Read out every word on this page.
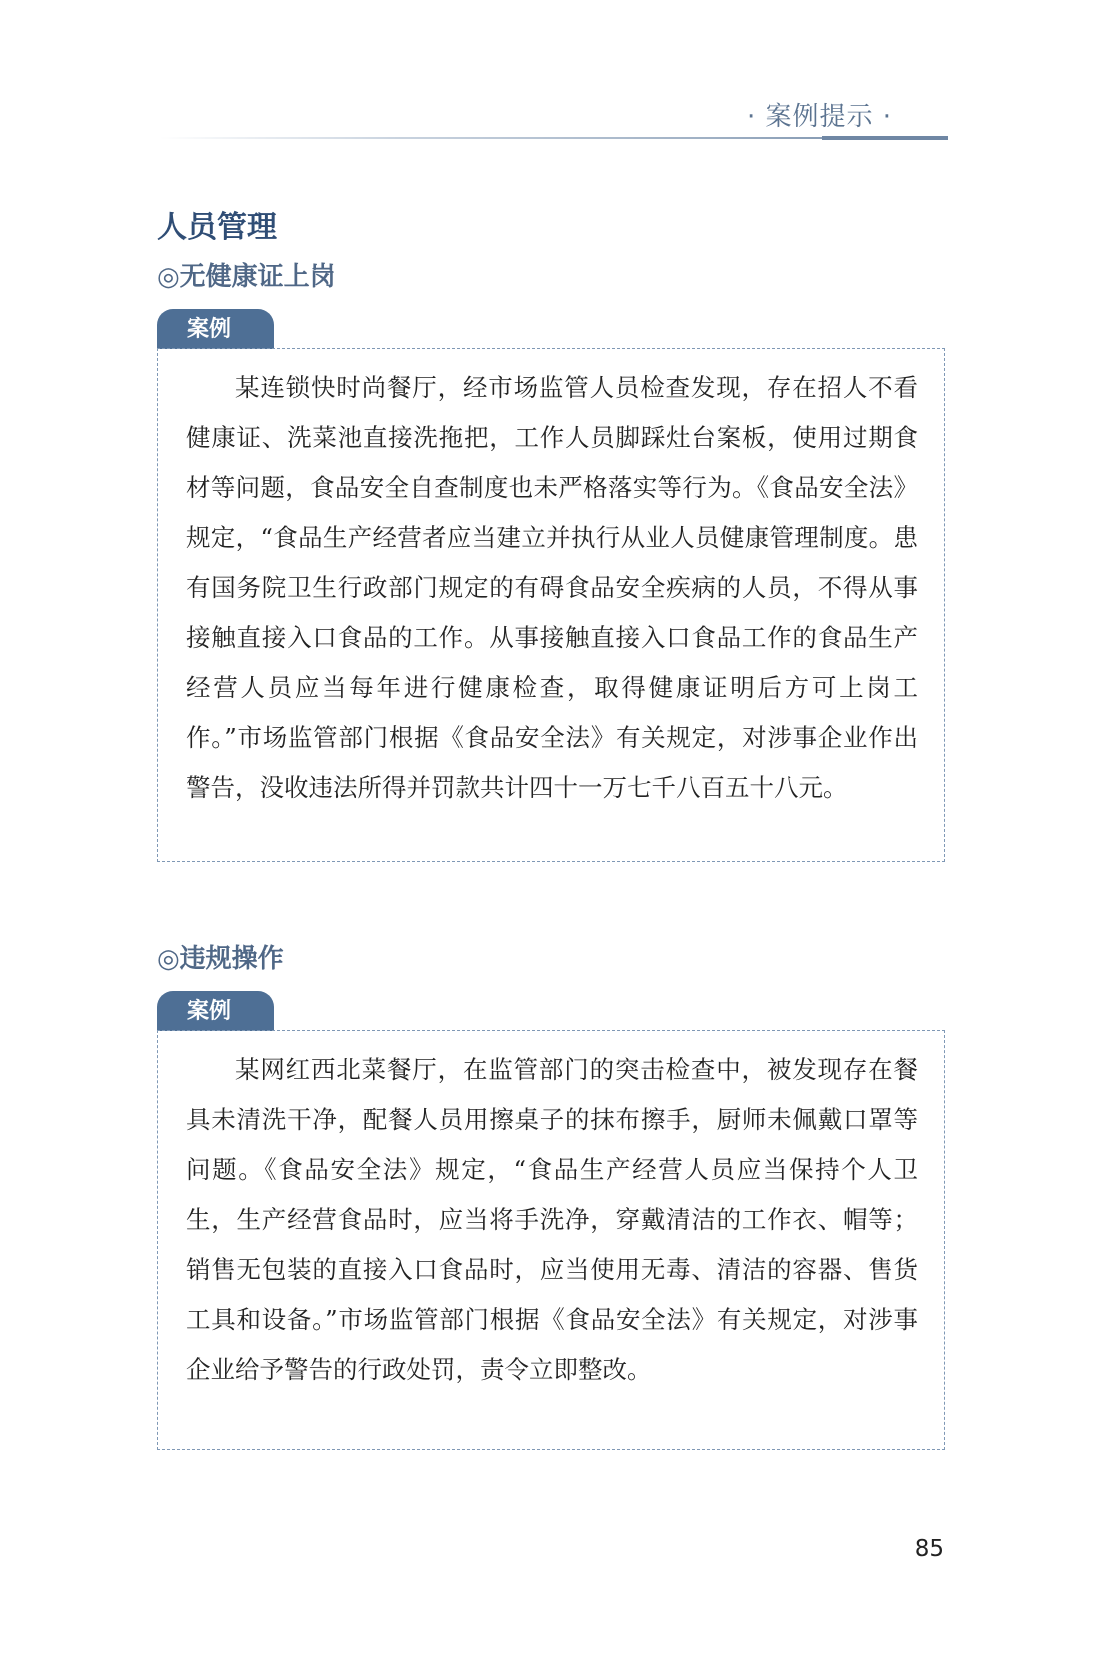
· 案例提示 ·
人员管理
◎无健康证上岗
案例

某连锁快时尚餐厅，经市场监管人员检查发现，存在招人不看健康证、洗菜池直接洗拖把，工作人员脚踩灶台案板，使用过期食材等问题，食品安全自查制度也未严格落实等行为。《食品安全法》规定，“食品生产经营者应当建立并执行从业人员健康管理制度。患有国务院卫生行政部门规定的有碍食品安全疾病的人员，不得从事接触直接入口食品的工作。从事接触直接入口食品工作的食品生产经营人员应当每年进行健康检查，取得健康证明后方可上岗工作。”市场监管部门根据《食品安全法》有关规定，对涉事企业作出警告，没收违法所得并罚款共计四十一万七千八百五十八元。

◎违规操作
案例

某网红西北菜餐厅，在监管部门的突击检查中，被发现存在餐具未清洗干净，配餐人员用擦桌子的抹布擦手，厨师未佩戴口罩等问题。《食品安全法》规定，“食品生产经营人员应当保持个人卫生，生产经营食品时，应当将手洗净，穿戴清洁的工作衣、帽等；销售无包装的直接入口食品时，应当使用无毒、清洁的容器、售货工具和设备。”市场监管部门根据《食品安全法》有关规定，对涉事企业给予警告的行政处罚，责令立即整改。

85
